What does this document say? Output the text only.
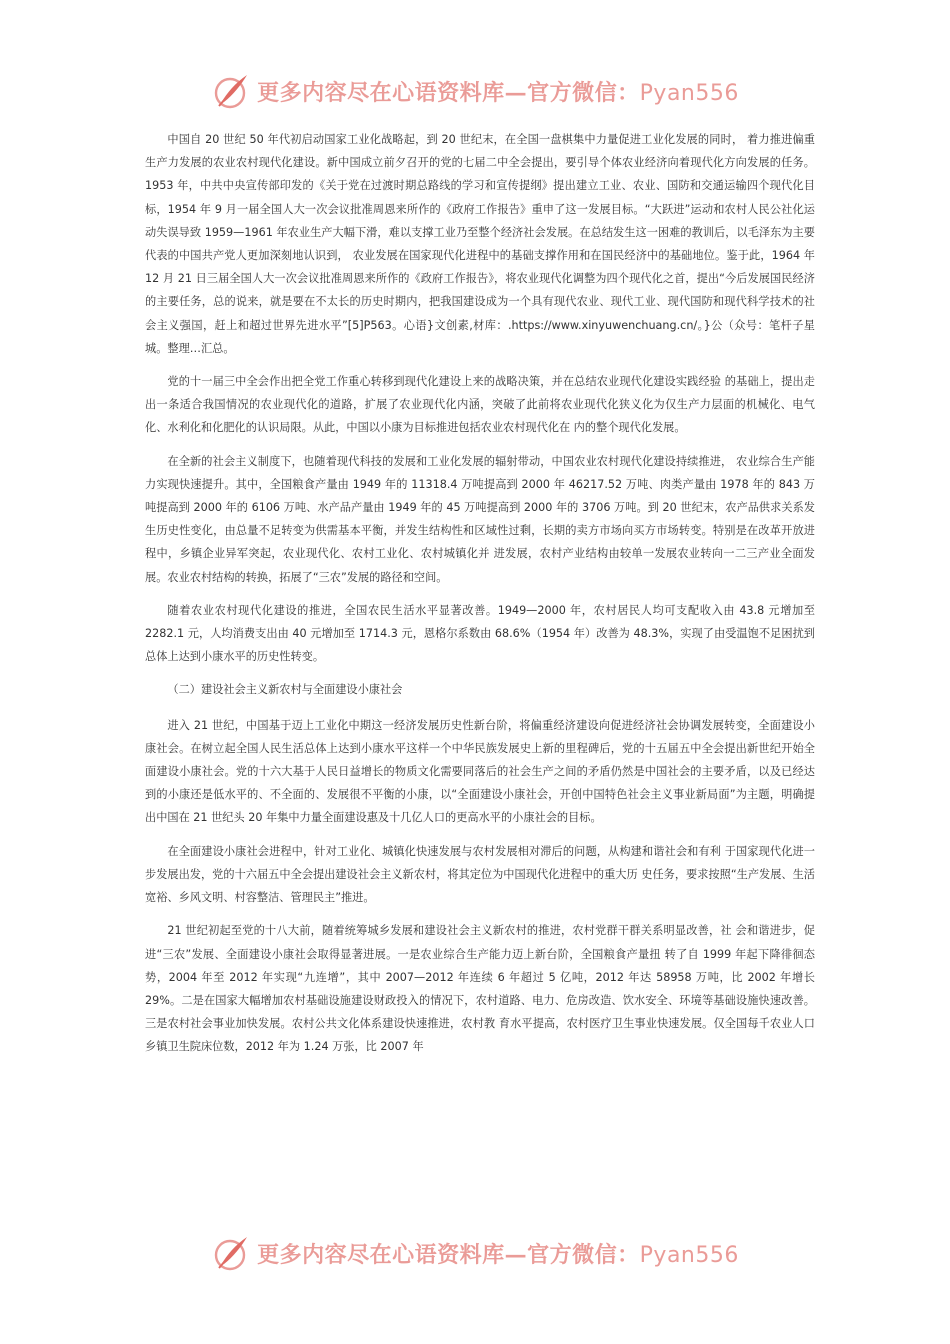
更多内容尽在心语资料库—官方微信：Pyan556

中国自 20 世纪 50 年代初启动国家工业化战略起，到 20 世纪末，在全国一盘棋集中力量促进工业化发展的同时， 着力推进偏重生产力发展的农业农村现代化建设。新中国成立前夕召开的党的七届二中全会提出，要引导个体农业经济向着现代化方向发展的任务。1953 年，中共中央宣传部印发的《关于党在过渡时期总路线的学习和宣传提纲》提出建立工业、农业、国防和交通运输四个现代化目标，1954 年 9 月一届全国人大一次会议批准周恩来所作的《政府工作报告》重申了这一发展目标。“大跃进”运动和农村人民公社化运动失误导致 1959—1961 年农业生产大幅下滑，难以支撑工业乃至整个经济社会发展。在总结发生这一困难的教训后，以毛泽东为主要代表的中国共产党人更加深刻地认识到， 农业发展在国家现代化进程中的基础支撑作用和在国民经济中的基础地位。鉴于此，1964 年 12 月 21 日三届全国人大一次会议批准周恩来所作的《政府工作报告》，将农业现代化调整为四个现代化之首，提出“今后发展国民经济的主要任务，总的说来，就是要在不太长的历史时期内，把我国建设成为一个具有现代农业、现代工业、现代国防和现代科学技术的社会主义强国，赶上和超过世界先进水平”[5]P563。心语}文创素,材库：.https://www.xinyuwenchuang.cn/。}公（众号：笔杆子星城。整理…汇总。

党的十一届三中全会作出把全党工作重心转移到现代化建设上来的战略决策，并在总结农业现代化建设实践经验 的基础上，提出走出一条适合我国情况的农业现代化的道路，扩展了农业现代化内涵，突破了此前将农业现代化狭义化为仅生产力层面的机械化、电气化、水利化和化肥化的认识局限。从此，中国以小康为目标推进包括农业农村现代化在 内的整个现代化发展。

在全新的社会主义制度下，也随着现代科技的发展和工业化发展的辐射带动，中国农业农村现代化建设持续推进， 农业综合生产能力实现快速提升。其中，全国粮食产量由 1949 年的 11318.4 万吨提高到 2000 年 46217.52 万吨、肉类产量由 1978 年的 843 万吨提高到 2000 年的 6106 万吨、水产品产量由 1949 年的 45 万吨提高到 2000 年的 3706 万吨。到 20 世纪末，农产品供求关系发生历史性变化，由总量不足转变为供需基本平衡，并发生结构性和区域性过剩，长期的卖方市场向买方市场转变。特别是在改革开放进程中，乡镇企业异军突起，农业现代化、农村工业化、农村城镇化并 进发展，农村产业结构由较单一发展农业转向一二三产业全面发展。农业农村结构的转换，拓展了“三农”发展的路径和空间。

随着农业农村现代化建设的推进，全国农民生活水平显著改善。1949—2000 年，农村居民人均可支配收入由 43.8 元增加至 2282.1 元，人均消费支出由 40 元增加至 1714.3 元，恩格尔系数由 68.6%（1954 年）改善为 48.3%，实现了由受温饱不足困扰到总体上达到小康水平的历史性转变。

（二）建设社会主义新农村与全面建设小康社会

进入 21 世纪，中国基于迈上工业化中期这一经济发展历史性新台阶，将偏重经济建设向促进经济社会协调发展转变，全面建设小康社会。在树立起全国人民生活总体上达到小康水平这样一个中华民族发展史上新的里程碑后，党的十五届五中全会提出新世纪开始全面建设小康社会。党的十六大基于人民日益增长的物质文化需要同落后的社会生产之间的矛盾仍然是中国社会的主要矛盾，以及已经达到的小康还是低水平的、不全面的、发展很不平衡的小康，以“全面建设小康社会，开创中国特色社会主义事业新局面”为主题，明确提出中国在 21 世纪头 20 年集中力量全面建设惠及十几亿人口的更高水平的小康社会的目标。

在全面建设小康社会进程中，针对工业化、城镇化快速发展与农村发展相对滞后的问题，从构建和谐社会和有利 于国家现代化进一步发展出发，党的十六届五中全会提出建设社会主义新农村，将其定位为中国现代化进程中的重大历 史任务，要求按照“生产发展、生活宽裕、乡风文明、村容整洁、管理民主”推进。

21 世纪初起至党的十八大前，随着统筹城乡发展和建设社会主义新农村的推进，农村党群干群关系明显改善，社 会和谐进步，促进“三农”发展、全面建设小康社会取得显著进展。一是农业综合生产能力迈上新台阶，全国粮食产量扭 转了自 1999 年起下降徘徊态势，2004 年至 2012 年实现“九连增”，其中 2007—2012 年连续 6 年超过 5 亿吨，2012 年达 58958 万吨，比 2002 年增长 29%。二是在国家大幅增加农村基础设施建设财政投入的情况下，农村道路、电力、危房改造、饮水安全、环境等基础设施快速改善。三是农村社会事业加快发展。农村公共文化体系建设快速推进，农村教 育水平提高，农村医疗卫生事业快速发展。仅全国每千农业人口乡镇卫生院床位数，2012 年为 1.24 万张，比 2007 年

更多内容尽在心语资料库—官方微信：Pyan556
